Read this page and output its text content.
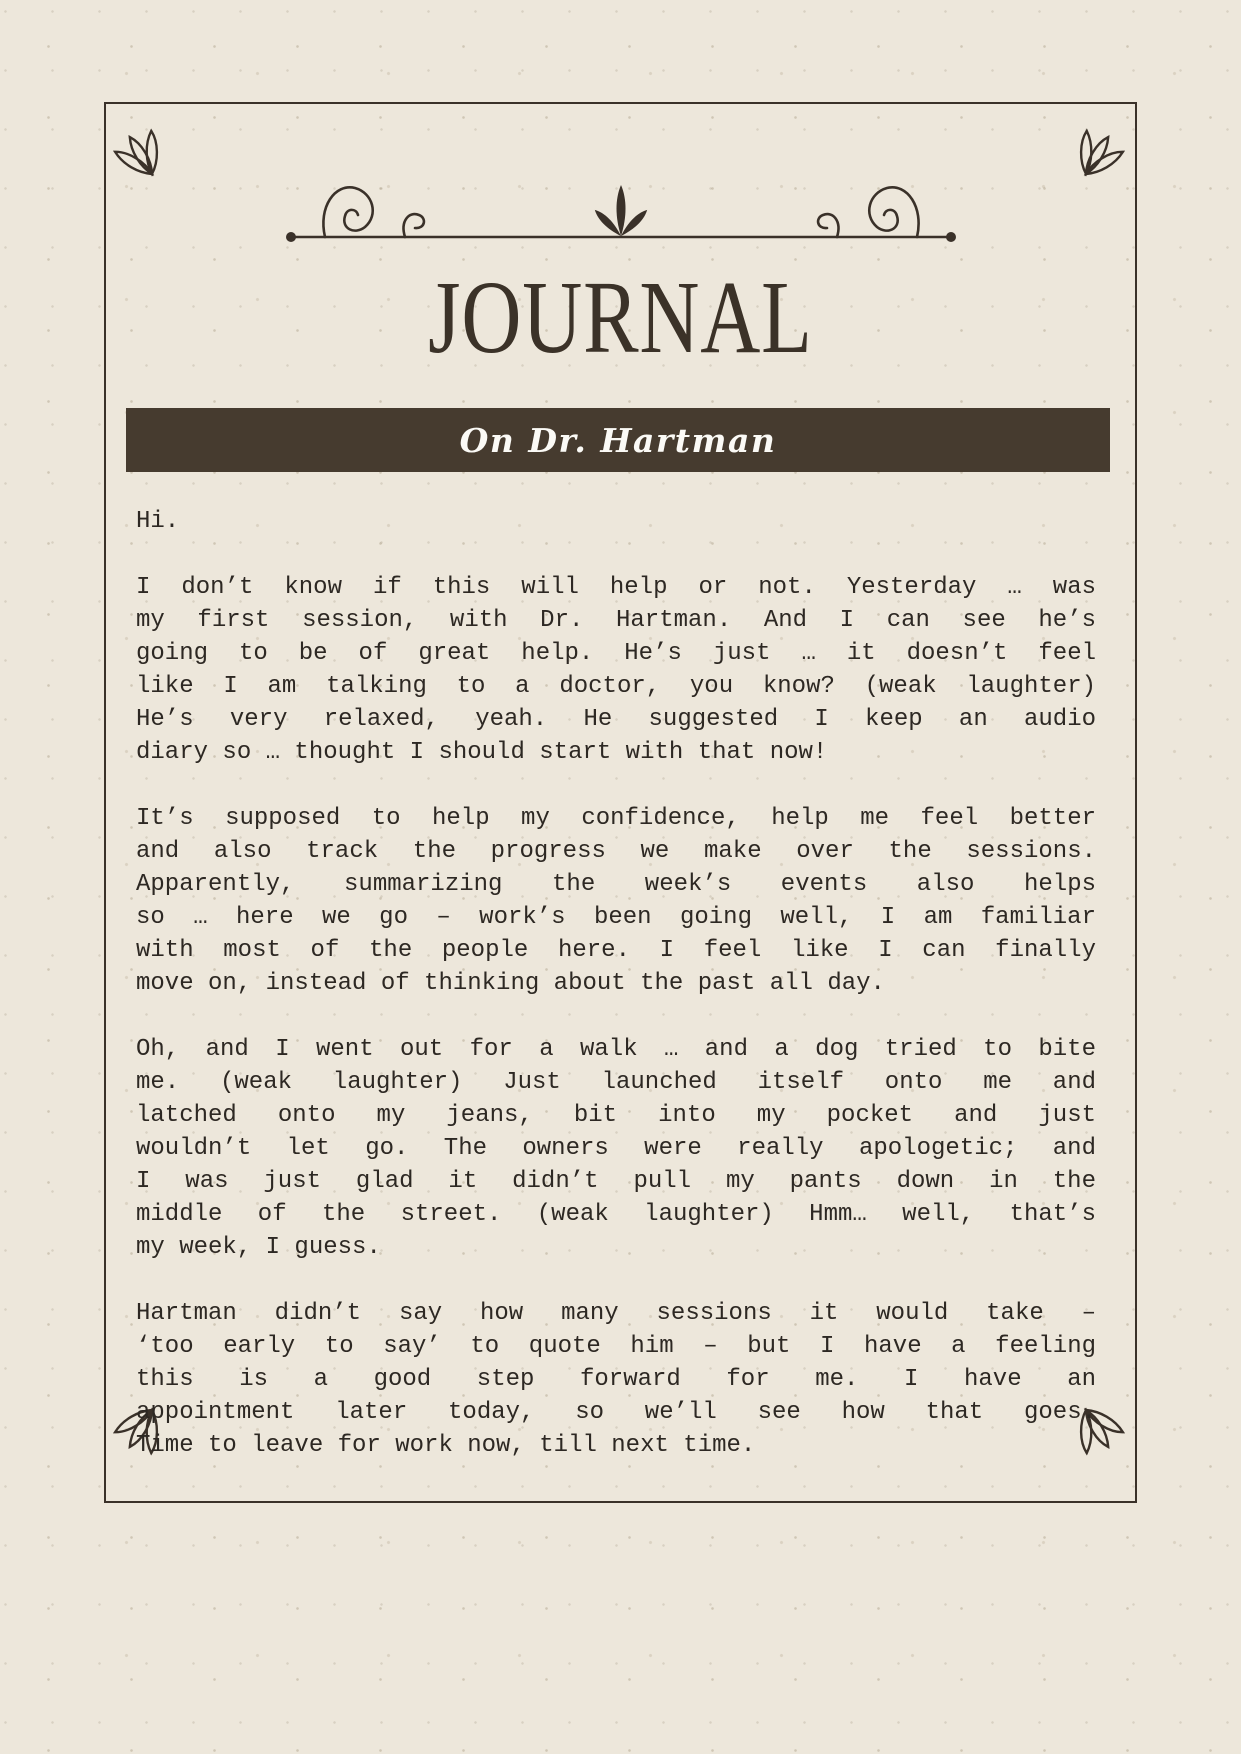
JOURNAL
On Dr. Hartman
Hi.
I don’t know if this will help or not. Yesterday … was
my first session, with Dr. Hartman. And I can see he’s
going to be of great help. He’s just … it doesn’t feel
like I am talking to a doctor, you know? (weak laughter)
He’s very relaxed, yeah. He suggested I keep an audio
diary so … thought I should start with that now!
It’s supposed to help my confidence, help me feel better
and also track the progress we make over the sessions.
Apparently, summarizing the week’s events also helps
so … here we go – work’s been going well, I am familiar
with most of the people here. I feel like I can finally
move on, instead of thinking about the past all day.
Oh, and I went out for a walk … and a dog tried to bite
me. (weak laughter) Just launched itself onto me and
latched onto my jeans, bit into my pocket and just
wouldn’t let go. The owners were really apologetic; and
I was just glad it didn’t pull my pants down in the
middle of the street. (weak laughter) Hmm… well, that’s
my week, I guess.
Hartman didn’t say how many sessions it would take –
‘too early to say’ to quote him – but I have a feeling
this is a good step forward for me. I have an
appointment later today, so we’ll see how that goes.
Time to leave for work now, till next time.
